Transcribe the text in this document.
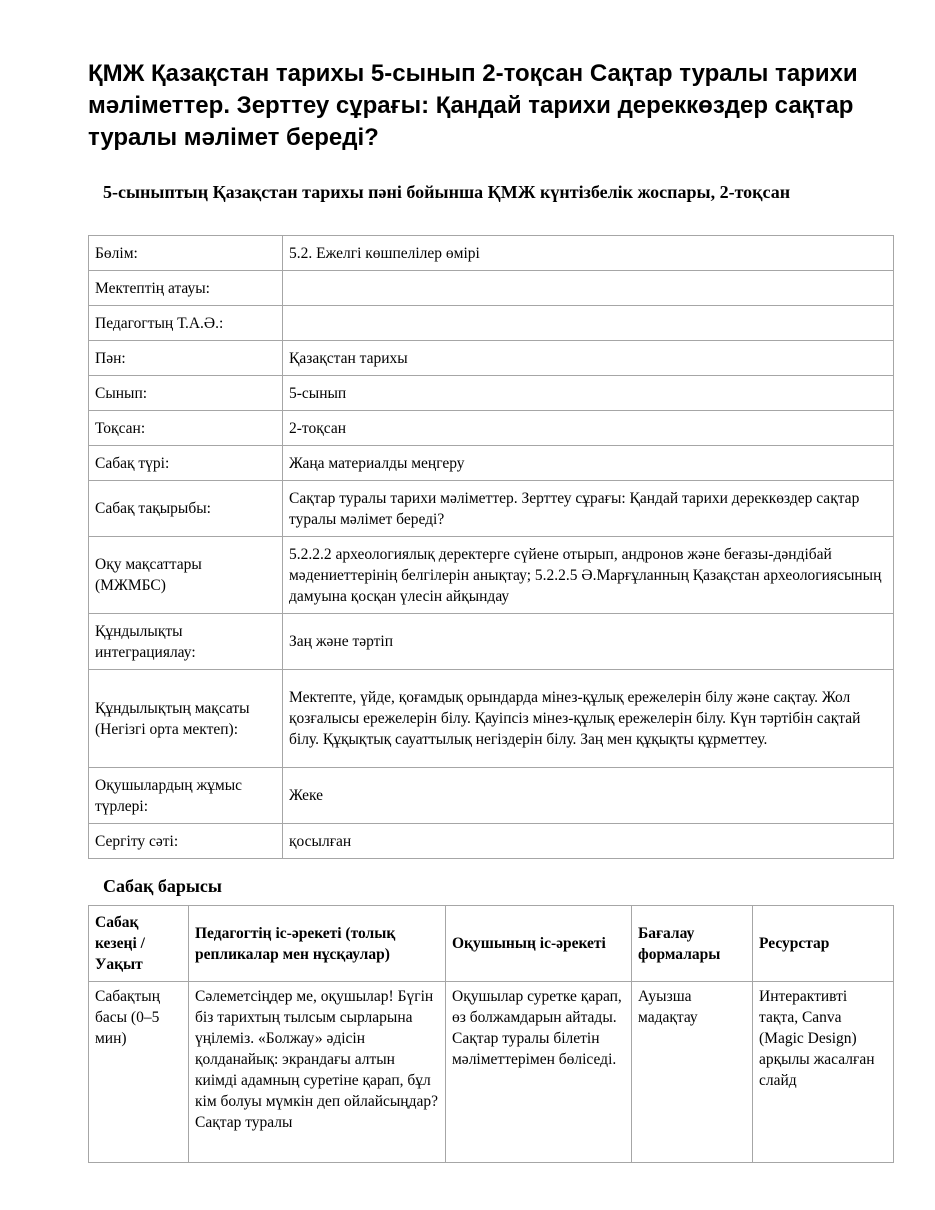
ҚМЖ Қазақстан тарихы 5-сынып 2-тоқсан Сақтар туралы тарихи мәліметтер. Зерттеу сұрағы: Қандай тарихи дереккөздер сақтар туралы мәлімет береді?
5-сыныптың Қазақстан тарихы пәні бойынша ҚМЖ күнтізбелік жоспары, 2-тоқсан
Бөлім:	5.2. Ежелгі көшпелілер өмірі
Мектептің атауы:	
Педагогтың Т.А.Ә.:	
Пән:	Қазақстан тарихы
Сынып:	5-сынып
Тоқсан:	2-тоқсан
Сабақ түрі:	Жаңа материалды меңгеру
Сабақ тақырыбы:	Сақтар туралы тарихи мәліметтер. Зерттеу сұрағы: Қандай тарихи дереккөздер сақтар туралы мәлімет береді?
Оқу мақсаттары (МЖМБС)	5.2.2.2 археологиялық деректерге сүйене отырып, андронов және беғазы-дәндібай мәдениеттерінің белгілерін анықтау; 5.2.2.5 Ә.Марғұланның Қазақстан археологиясының дамуына қосқан үлесін айқындау
Құндылықты интеграциялау:	Заң және тәртіп
Құндылықтың мақсаты (Негізгі орта мектеп):	Мектепте, үйде, қоғамдық орындарда мінез-құлық ережелерін білу және сақтау. Жол қозғалысы ережелерін білу. Қауіпсіз мінез-құлық ережелерін білу. Күн тәртібін сақтай білу. Құқықтық сауаттылық негіздерін білу. Заң мен құқықты құрметтеу.
Оқушылардың жұмыс түрлері:	Жеке
Сергіту сәті:	қосылған
Сабақ барысы
Сабақ кезеңі / Уақыт	Педагогтің іс-әрекеті (толық репликалар мен нұсқаулар)	Оқушының іс-әрекеті	Бағалау формалары	Ресурстар
Сабақтың басы (0–5 мин)	Сәлеметсіңдер ме, оқушылар! Бүгін біз тарихтың тылсым сырларына үңілеміз. «Болжау» әдісін қолданайық: экрандағы алтын киімді адамның суретіне қарап, бұл кім болуы мүмкін деп ойлайсыңдар? Сақтар туралы	Оқушылар суретке қарап, өз болжамдарын айтады. Сақтар туралы білетін мәліметтерімен бөліседі.	Ауызша мадақтау	Интерактивті тақта, Canva (Magic Design) арқылы жасалған слайд
